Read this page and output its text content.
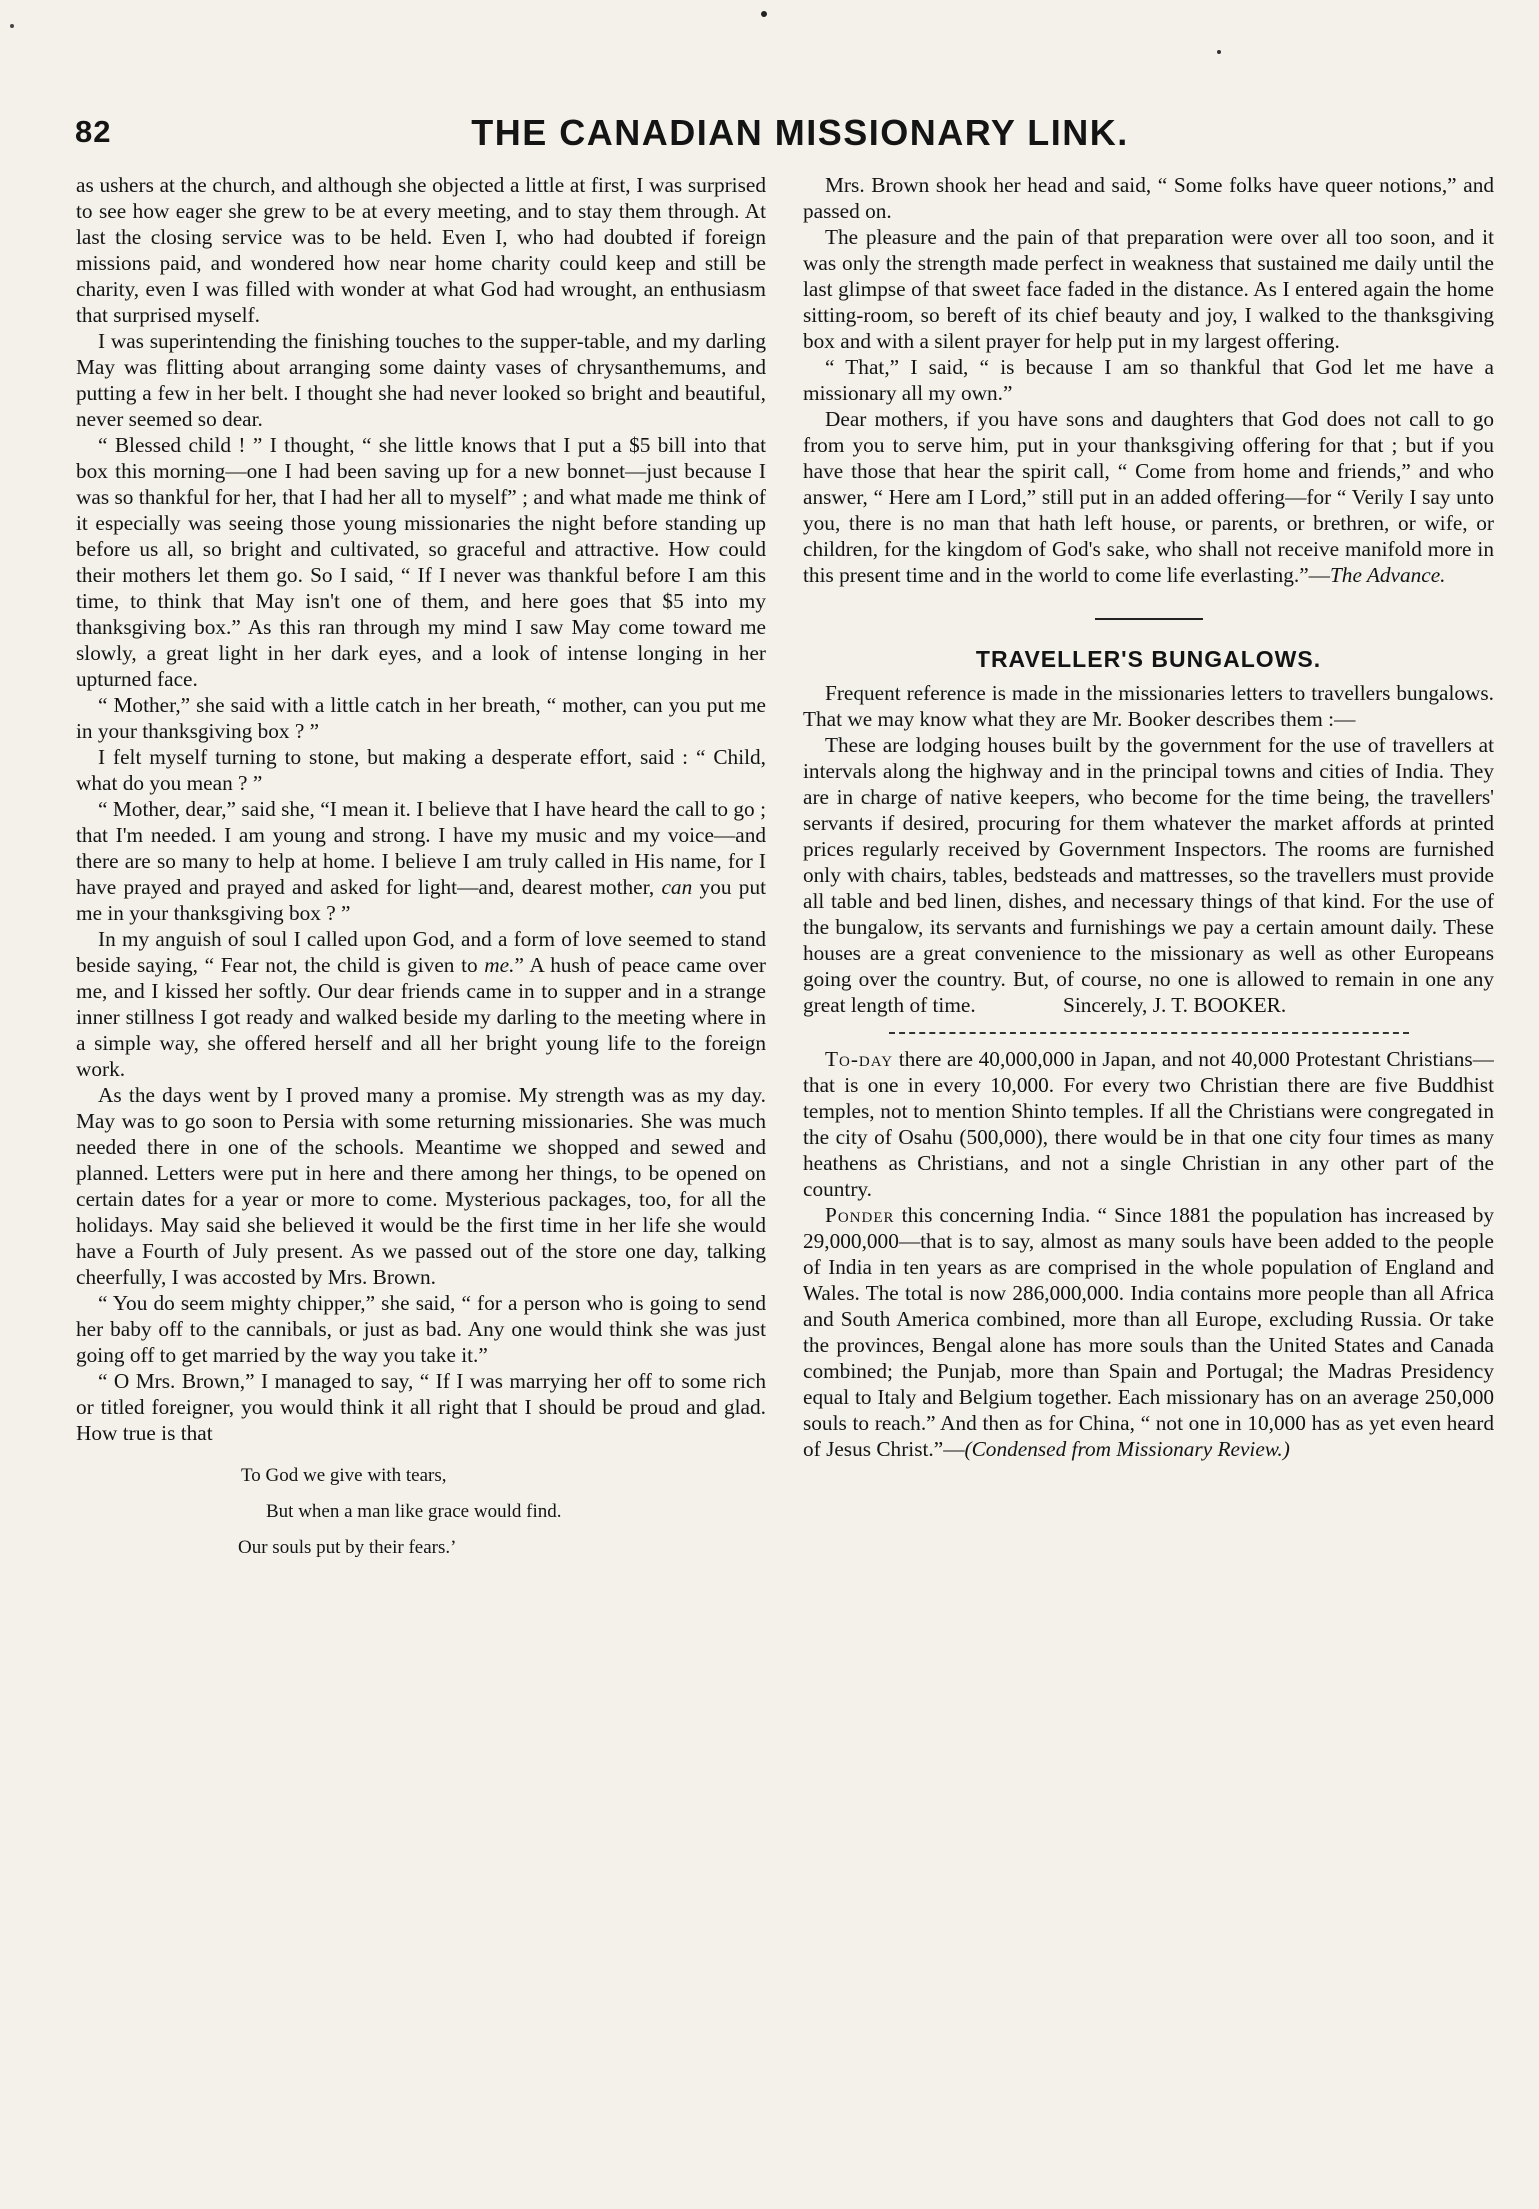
82	THE CANADIAN MISSIONARY LINK.

as ushers at the church, and although she objected a little at first, I was surprised to see how eager she grew to be at every meeting, and to stay them through. At last the closing service was to be held. Even I, who had doubted if foreign missions paid, and wondered how near home charity could keep and still be charity, even I was filled with wonder at what God had wrought, an enthusiasm that surprised myself.

I was superintending the finishing touches to the supper-table, and my darling May was flitting about arranging some dainty vases of chrysanthemums, and putting a few in her belt. I thought she had never looked so bright and beautiful, never seemed so dear.

“ Blessed child ! ” I thought, “ she little knows that I put a $5 bill into that box this morning—one I had been saving up for a new bonnet—just because I was so thankful for her, that I had her all to myself” ; and what made me think of it especially was seeing those young missionaries the night before standing up before us all, so bright and cultivated, so graceful and attractive. How could their mothers let them go. So I said, “ If I never was thankful before I am this time, to think that May isn't one of them, and here goes that $5 into my thanksgiving box.” As this ran through my mind I saw May come toward me slowly, a great light in her dark eyes, and a look of intense longing in her upturned face.

“ Mother,” she said with a little catch in her breath, “ mother, can you put me in your thanksgiving box ? ”

I felt myself turning to stone, but making a desperate effort, said : “ Child, what do you mean ? ”

“ Mother, dear,” said she, “I mean it. I believe that I have heard the call to go ; that I'm needed. I am young and strong. I have my music and my voice—and there are so many to help at home. I believe I am truly called in His name, for I have prayed and prayed and asked for light—and, dearest mother, can you put me in your thanksgiving box ? ”

In my anguish of soul I called upon God, and a form of love seemed to stand beside saying, “ Fear not, the child is given to me.” A hush of peace came over me, and I kissed her softly. Our dear friends came in to supper and in a strange inner stillness I got ready and walked beside my darling to the meeting where in a simple way, she offered herself and all her bright young life to the foreign work.

As the days went by I proved many a promise. My strength was as my day. May was to go soon to Persia with some returning missionaries. She was much needed there in one of the schools. Meantime we shopped and sewed and planned. Letters were put in here and there among her things, to be opened on certain dates for a year or more to come. Mysterious packages, too, for all the holidays. May said she believed it would be the first time in her life she would have a Fourth of July present. As we passed out of the store one day, talking cheerfully, I was accosted by Mrs. Brown.

“ You do seem mighty chipper,” she said, “ for a person who is going to send her baby off to the cannibals, or just as bad. Any one would think she was just going off to get married by the way you take it.”

“ O Mrs. Brown,” I managed to say, “ If I was marrying her off to some rich or titled foreigner, you would think it all right that I should be proud and glad. How true is that

To God we give with tears,
But when a man like grace would find.
Our souls put by their fears.’

Mrs. Brown shook her head and said, “ Some folks have queer notions,” and passed on.

The pleasure and the pain of that preparation were over all too soon, and it was only the strength made perfect in weakness that sustained me daily until the last glimpse of that sweet face faded in the distance. As I entered again the home sitting-room, so bereft of its chief beauty and joy, I walked to the thanksgiving box and with a silent prayer for help put in my largest offering.

“ That,” I said, “ is because I am so thankful that God let me have a missionary all my own.”

Dear mothers, if you have sons and daughters that God does not call to go from you to serve him, put in your thanksgiving offering for that ; but if you have those that hear the spirit call, “ Come from home and friends,” and who answer, “ Here am I Lord,” still put in an added offering—for “ Verily I say unto you, there is no man that hath left house, or parents, or brethren, or wife, or children, for the kingdom of God's sake, who shall not receive manifold more in this present time and in the world to come life everlasting.”—The Advance.

TRAVELLER'S BUNGALOWS.

Frequent reference is made in the missionaries letters to travellers bungalows. That we may know what they are Mr. Booker describes them :—

These are lodging houses built by the government for the use of travellers at intervals along the highway and in the principal towns and cities of India. They are in charge of native keepers, who become for the time being, the travellers' servants if desired, procuring for them whatever the market affords at printed prices regularly received by Government Inspectors. The rooms are furnished only with chairs, tables, bedsteads and mattresses, so the travellers must provide all table and bed linen, dishes, and necessary things of that kind. For the use of the bungalow, its servants and furnishings we pay a certain amount daily. These houses are a great convenience to the missionary as well as other Europeans going over the country. But, of course, no one is allowed to remain in one any great length of time.	Sincerely, J. T. BOOKER.

To-day there are 40,000,000 in Japan, and not 40,000 Protestant Christians—that is one in every 10,000. For every two Christian there are five Buddhist temples, not to mention Shinto temples. If all the Christians were congregated in the city of Osahu (500,000), there would be in that one city four times as many heathens as Christians, and not a single Christian in any other part of the country.

Ponder this concerning India. “ Since 1881 the population has increased by 29,000,000—that is to say, almost as many souls have been added to the people of India in ten years as are comprised in the whole population of England and Wales. The total is now 286,000,000. India contains more people than all Africa and South America combined, more than all Europe, excluding Russia. Or take the provinces, Bengal alone has more souls than the United States and Canada combined; the Punjab, more than Spain and Portugal; the Madras Presidency equal to Italy and Belgium together. Each missionary has on an average 250,000 souls to reach.” And then as for China, “ not one in 10,000 has as yet even heard of Jesus Christ.”—(Condensed from Missionary Review.)
